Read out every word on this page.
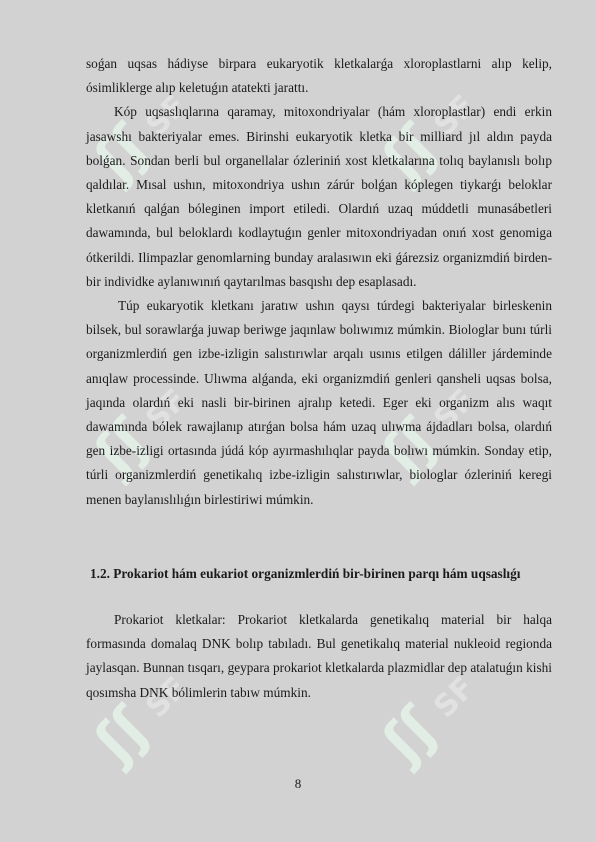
ʃʃ
SF	ʃʃ
SF
ʃʃ
SF	ʃʃ
SF
ʃʃ
SF	ʃʃ
SF

soǵan uqsas hádiyse birpara eukaryotik kletkalarǵa xloroplastlarni alıp kelip, ósimliklerge alıp keletuǵın atatekti jarattı.

Kóp uqsaslıqlarına qaramay, mitoxondriyalar (hám xloroplastlar) endi erkin jasawshı bakteriyalar emes. Birinshi eukaryotik kletka bir milliard jıl aldın payda bolǵan. Sondan berli bul organellalar ózleriniń xost kletkalarına tolıq baylanıslı bolıp qaldılar. Mısal ushın, mitoxondriya ushın zárúr bolǵan kóplegen tiykarǵı beloklar kletkanıń qalǵan bóleginen import etiledi. Olardıń uzaq múddetli munasábetleri dawamında, bul beloklardı kodlaytuǵın genler mitoxondriyadan onıń xost genomiga ótkerildi. Ilimpazlar genomlarning bunday aralasıwın eki ǵárezsiz organizmdiń birden-bir individke aylanıwınıń qaytarılmas basqıshı dep esaplasadı.

Túp eukaryotik kletkanı jaratıw ushın qaysı túrdegi bakteriyalar birleskenin bilsek, bul sorawlarǵa juwap beriwge jaqınlaw bolıwımız múmkin. Biologlar bunı túrli organizmlerdiń gen izbe-izligin salıstırıwlar arqalı usınıs etilgen dáliller járdeminde anıqlaw processinde. Ulıwma alǵanda, eki organizmdiń genleri qansheli uqsas bolsa, jaqında olardıń eki nasli bir-birinen ajralıp ketedi. Eger eki organizm alıs waqıt dawamında bólek rawajlanıp atırǵan bolsa hám uzaq ulıwma ájdadları bolsa, olardıń gen izbe-izligi ortasında júdá kóp ayırmashılıqlar payda bolıwı múmkin. Sonday etip, túrli organizmlerdiń genetikalıq izbe-izligin salıstırıwlar, biologlar ózleriniń keregi menen baylanıslılıǵın birlestiriwi múmkin.

1.2. Prokariot hám eukariot organizmlerdiń bir-birinen parqı hám uqsaslıǵı

Prokariot kletkalar: Prokariot kletkalarda genetikalıq material bir halqa formasında domalaq DNK bolıp tabıladı. Bul genetikalıq material nukleoid regionda jaylasqan. Bunnan tısqarı, geypara prokariot kletkalarda plazmidlar dep atalatuǵın kishi qosımsha DNK bólimlerin tabıw múmkin.

8
